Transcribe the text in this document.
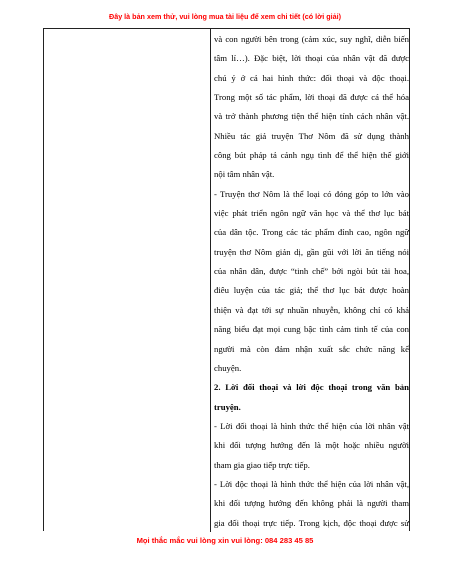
Đây là bản xem thử, vui lòng mua tài liệu để xem chi tiết (có lời giải)
và con người bên trong (cảm xúc, suy nghĩ, diễn biến
tâm lí…). Đặc biệt, lời thoại của nhân vật đã được
chú ý ở cả hai hình thức: đối thoại và độc thoại.
Trong một số tác phẩm, lời thoại đã được cá thể hóa
và trở thành phương tiện thể hiện tính cách nhân vật.
Nhiều tác giả truyện Thơ Nôm đã sử dụng thành
công bút pháp tả cảnh ngụ tình để thể hiện thế giới
nội tâm nhân vật.
- Truyện thơ Nôm là thể loại có đóng góp to lớn vào
việc phát triển ngôn ngữ văn học và thể thơ lục bát
của dân tộc. Trong các tác phẩm đỉnh cao, ngôn ngữ
truyện thơ Nôm giản dị, gần gũi với lời ăn tiếng nói
của nhân dân, được “tinh chế” bởi ngòi bút tài hoa,
điêu luyện của tác giả; thể thơ lục bát được hoàn
thiện và đạt tới sự nhuần nhuyễn, không chỉ có khả
năng biểu đạt mọi cung bậc tình cảm tinh tế của con
người mà còn đảm nhận xuất sắc chức năng kể
chuyện.
2. Lời đối thoại và lời độc thoại trong văn bản
truyện.
- Lời đối thoại là hình thức thể hiện của lời nhân vật
khi đối tượng hướng đến là một hoặc nhiều người
tham gia giao tiếp trực tiếp.
- Lời độc thoại là hình thức thể hiện của lời nhân vật,
khi đối tượng hướng đến không phải là người tham
gia đối thoại trực tiếp. Trong kịch, độc thoại được sử
Mọi thắc mắc vui lòng xin vui lòng: 084 283 45 85
